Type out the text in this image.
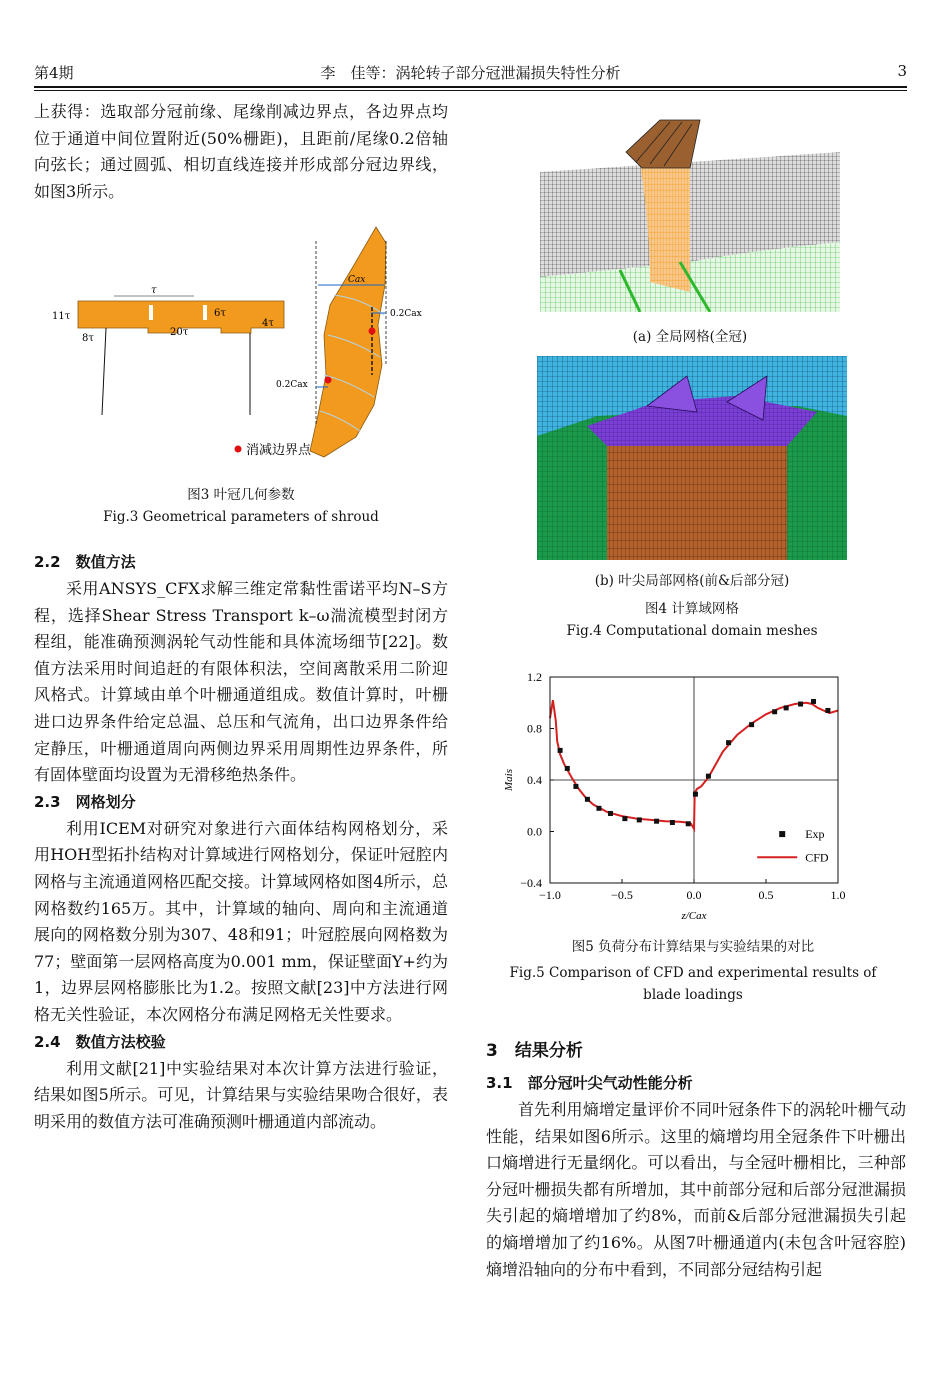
第4期	李　佳等：涡轮转子部分冠泄漏损失特性分析	3

上获得：选取部分冠前缘、尾缘削减边界点，各边界点均位于通道中间位置附近(50%栅距)，且距前/尾缘0.2倍轴向弦长；通过圆弧、相切直线连接并形成部分冠边界线，如图3所示。

τ
11τ	6τ
20τ
4τ
8τ
Cax
0.2Cax
0.2Cax
消减边界点
图3 叶冠几何参数
Fig.3 Geometrical parameters of shroud
2.2　数值方法

采用ANSYS_CFX求解三维定常黏性雷诺平均N–S方程，选择Shear Stress Transport k–ω湍流模型封闭方程组，能准确预测涡轮气动性能和具体流场细节[22]。数值方法采用时间追赶的有限体积法，空间离散采用二阶迎风格式。计算域由单个叶栅通道组成。数值计算时，叶栅进口边界条件给定总温、总压和气流角，出口边界条件给定静压，叶栅通道周向两侧边界采用周期性边界条件，所有固体壁面均设置为无滑移绝热条件。

2.3　网格划分

利用ICEM对研究对象进行六面体结构网格划分，采用HOH型拓扑结构对计算域进行网格划分，保证叶冠腔内网格与主流通道网格匹配交接。计算域网格如图4所示，总网格数约165万。其中，计算域的轴向、周向和主流通道展向的网格数分别为307、48和91；叶冠腔展向网格数为77；壁面第一层网格高度为0.001 mm，保证壁面Y+约为1，边界层网格膨胀比为1.2。按照文献[23]中方法进行网格无关性验证，本次网格分布满足网格无关性要求。

2.4　数值方法校验

利用文献[21]中实验结果对本次计算方法进行验证，结果如图5所示。可见，计算结果与实验结果吻合很好，表明采用的数值方法可准确预测叶栅通道内部流动。

(a) 全局网格(全冠)
(b) 叶尖局部网格(前&后部分冠)
图4 计算域网格
Fig.4 Computational domain meshes
−1.0	−0.5	0.0	0.5	1.0
−0.4
0.0
0.4
0.8
1.2
z/Cax
Mais
Exp
CFD
图5 负荷分布计算结果与实验结果的对比
Fig.5 Comparison of CFD and experimental results of blade loadings
3　结果分析
3.1　部分冠叶尖气动性能分析

首先利用熵增定量评价不同叶冠条件下的涡轮叶栅气动性能，结果如图6所示。这里的熵增均用全冠条件下叶栅出口熵增进行无量纲化。可以看出，与全冠叶栅相比，三种部分冠叶栅损失都有所增加，其中前部分冠和后部分冠泄漏损失引起的熵增增加了约8%，而前&后部分冠泄漏损失引起的熵增增加了约16%。从图7叶栅通道内(未包含叶冠容腔)熵增沿轴向的分布中看到，不同部分冠结构引起
